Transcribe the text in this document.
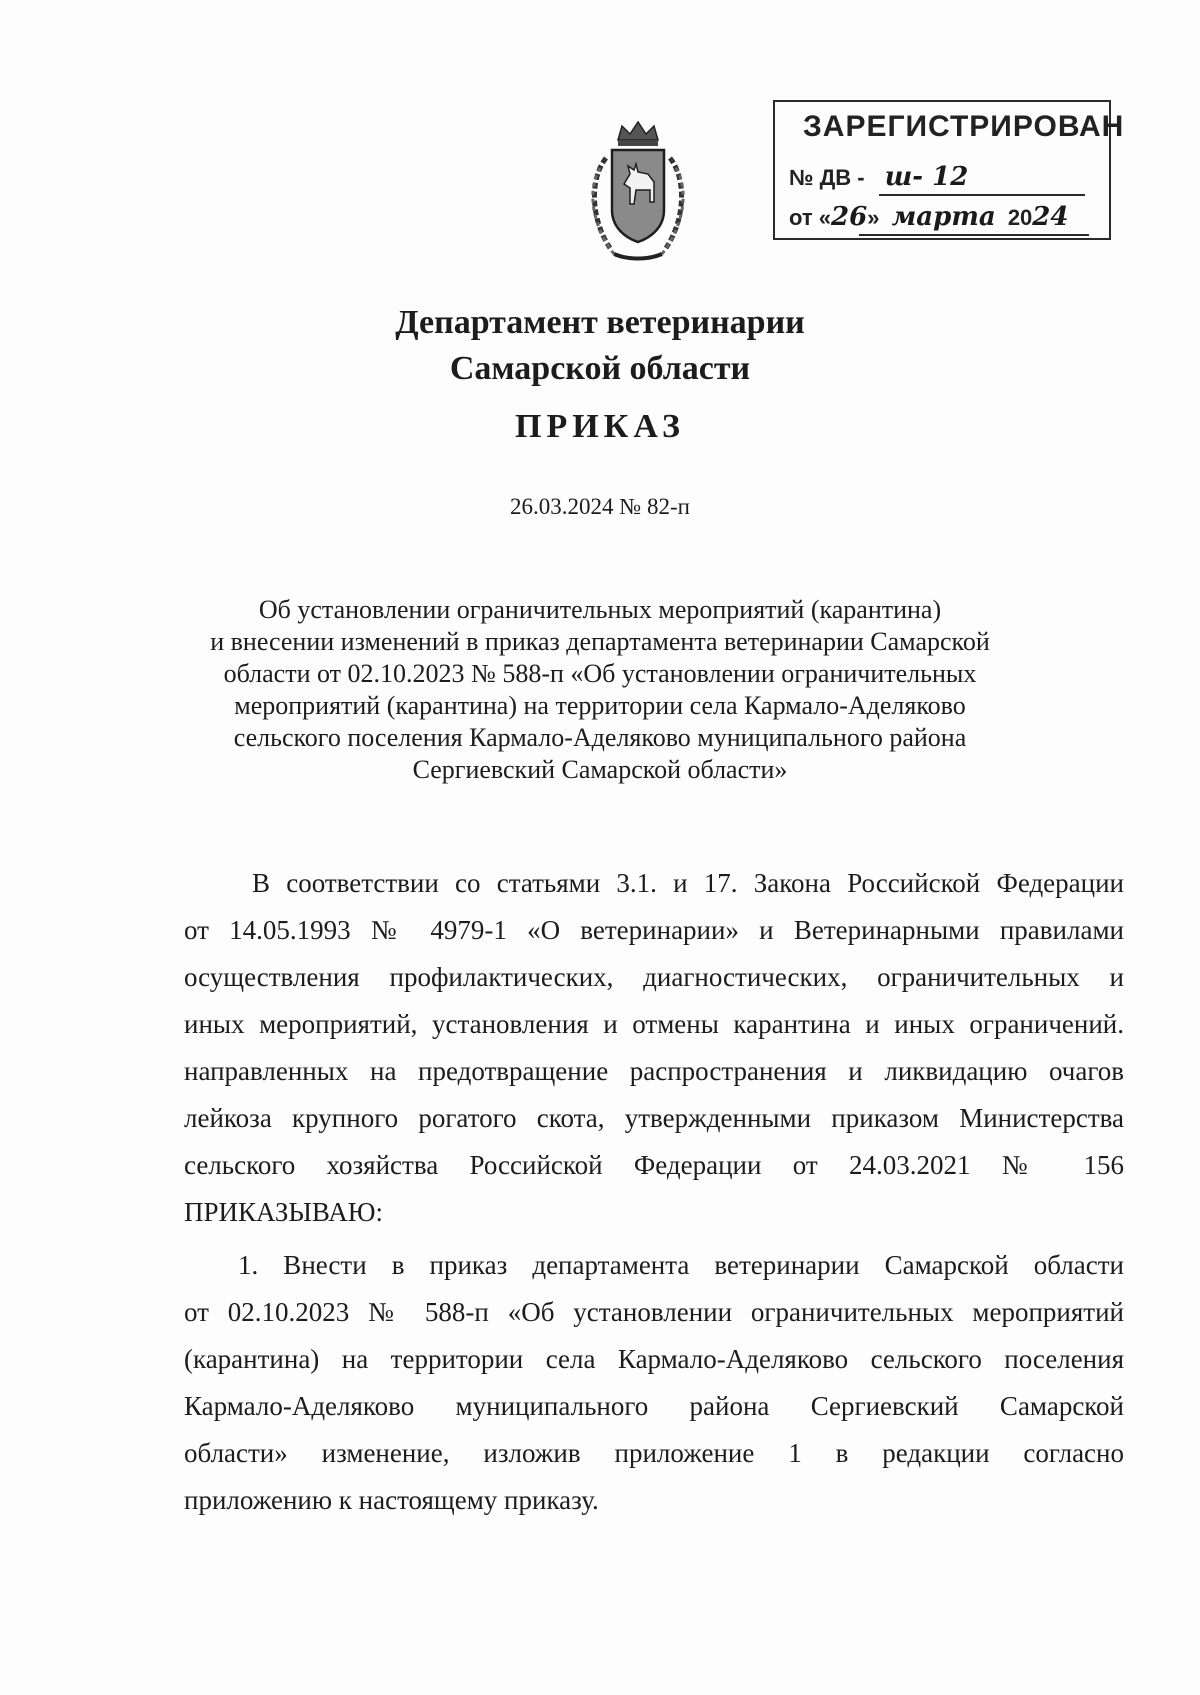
ЗАРЕГИСТРИРОВАН
№ ДВ - ш- 12
от «26» марта 2024
Департамент ветеринарии
Самарской области
ПРИКАЗ
26.03.2024 № 82-п
Об установлении ограничительных мероприятий (карантина)
и внесении изменений в приказ департамента ветеринарии Самарской
области от 02.10.2023 № 588-п «Об установлении ограничительных
мероприятий (карантина) на территории села Кармало-Аделяково
сельского поселения Кармало-Аделяково муниципального района
Сергиевский Самарской области»
В соответствии со статьями 3.1. и 17. Закона Российской Федерации
от 14.05.1993 № 4979-1 «О ветеринарии» и Ветеринарными правилами
осуществления профилактических, диагностических, ограничительных и
иных мероприятий, установления и отмены карантина и иных ограничений.
направленных на предотвращение распространения и ликвидацию очагов
лейкоза крупного рогатого скота, утвержденными приказом Министерства
сельского хозяйства Российской Федерации от 24.03.2021 № 156
ПРИКАЗЫВАЮ:
1. Внести в приказ департамента ветеринарии Самарской области
от 02.10.2023 № 588-п «Об установлении ограничительных мероприятий
(карантина) на территории села Кармало-Аделяково сельского поселения
Кармало-Аделяково муниципального района Сергиевский Самарской
области» изменение, изложив приложение 1 в редакции согласно
приложению к настоящему приказу.
